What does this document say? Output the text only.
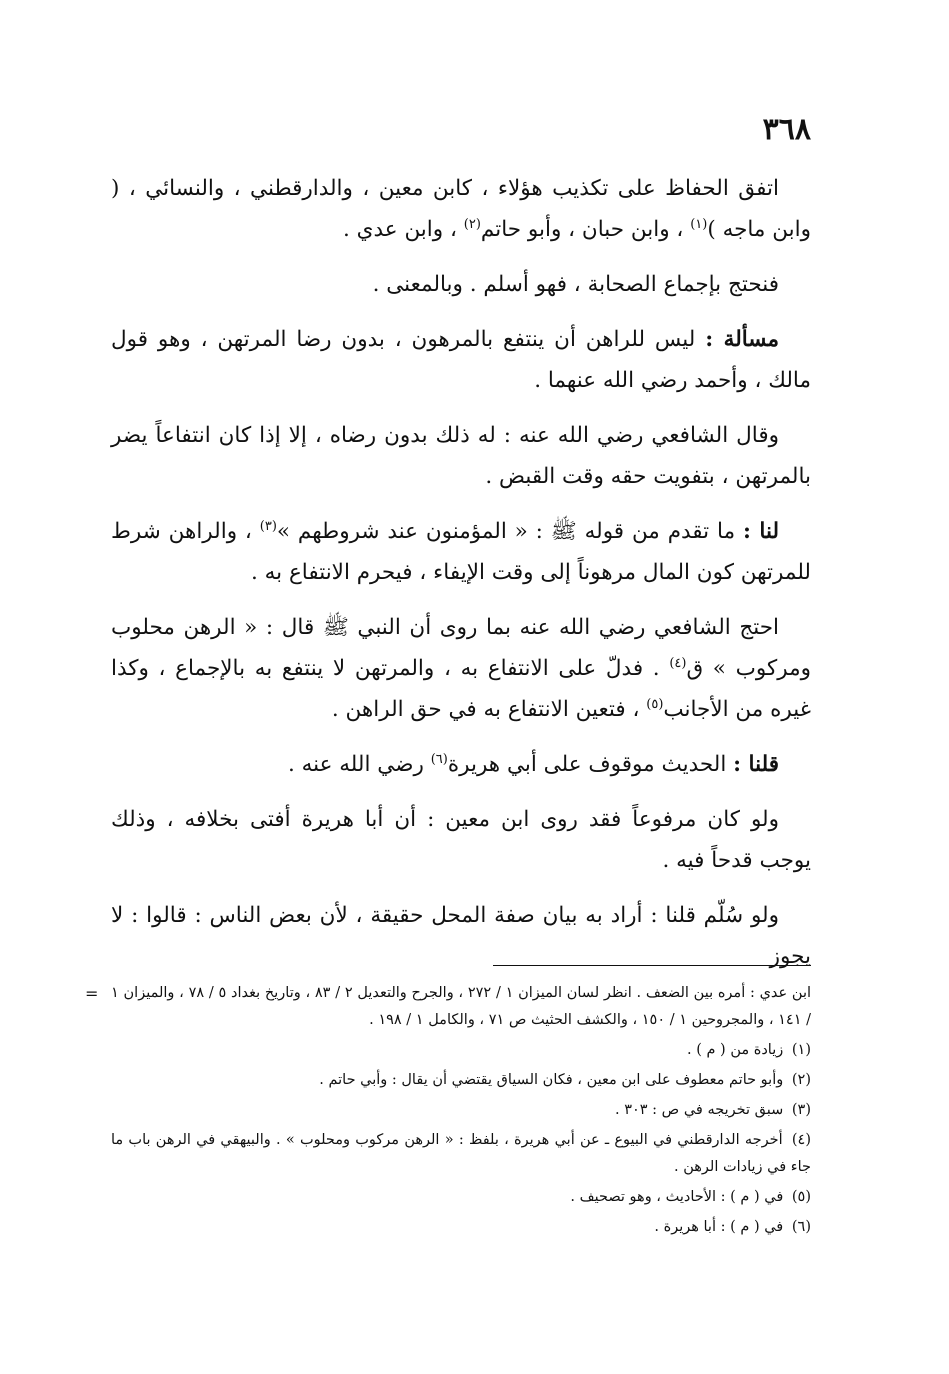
٣٦٨

اتفق الحفاظ على تكذيب هؤلاء ، كابن معين ، والدارقطني ، والنسائي ، ( وابن ماجه )$^{(١)}$ ، وابن حبان ، وأبو حاتم$^{(٢)}$ ، وابن عدي .

فنحتج بإجماع الصحابة ، فهو أسلم . وبالمعنى .

مسألة : ليس للراهن أن ينتفع بالمرهون ، بدون رضا المرتهن ، وهو قول مالك ، وأحمد رضي الله عنهما .

وقال الشافعي رضي الله عنه : له ذلك بدون رضاه ، إلا إذا كان انتفاعاً يضر بالمرتهن ، بتفويت حقه وقت القبض .

لنا : ما تقدم من قوله ﷺ : « المؤمنون عند شروطهم »$^{(٣)}$ ، والراهن شرط للمرتهن كون المال مرهوناً إلى وقت الإيفاء ، فيحرم الانتفاع به .

احتج الشافعي رضي الله عنه بما روى أن النبي ﷺ قال : « الرهن محلوب ومركوب » ق$^{(٤)}$ . فدلّ على الانتفاع به ، والمرتهن لا ينتفع به بالإجماع ، وكذا غيره من الأجانب$^{(٥)}$ ، فتعين الانتفاع به في حق الراهن .

قلنا : الحديث موقوف على أبي هريرة$^{(٦)}$ رضي الله عنه .

ولو كان مرفوعاً فقد روى ابن معين : أن أبا هريرة أفتى بخلافه ، وذلك يوجب قدحاً فيه .

ولو سُلّم قلنا : أراد به بيان صفة المحل حقيقة ، لأن بعض الناس : قالوا : لا يجوز

= ابن عدي : أمره بين الضعف . انظر لسان الميزان ١ / ٢٧٢ ، والجرح والتعديل ٢ / ٨٣ ، وتاريخ بغداد ٥ / ٧٨ ، والميزان ١ / ١٤١ ، والمجروحين ١ / ١٥٠ ، والكشف الحثيث ص ٧١ ، والكامل ١ / ١٩٨ .

(١) زيادة من ( م ) .

(٢) وأبو حاتم معطوف على ابن معين ، فكان السياق يقتضي أن يقال : وأبي حاتم .

(٣) سبق تخريجه في ص : ٣٠٣ .

(٤) أخرجه الدارقطني في البيوع ـ عن أبي هريرة ، بلفظ : « الرهن مركوب ومحلوب » . والبيهقي في الرهن باب ما جاء في زيادات الرهن .

(٥) في ( م ) : الأحاديث ، وهو تصحيف .

(٦) في ( م ) : أبا هريرة .
